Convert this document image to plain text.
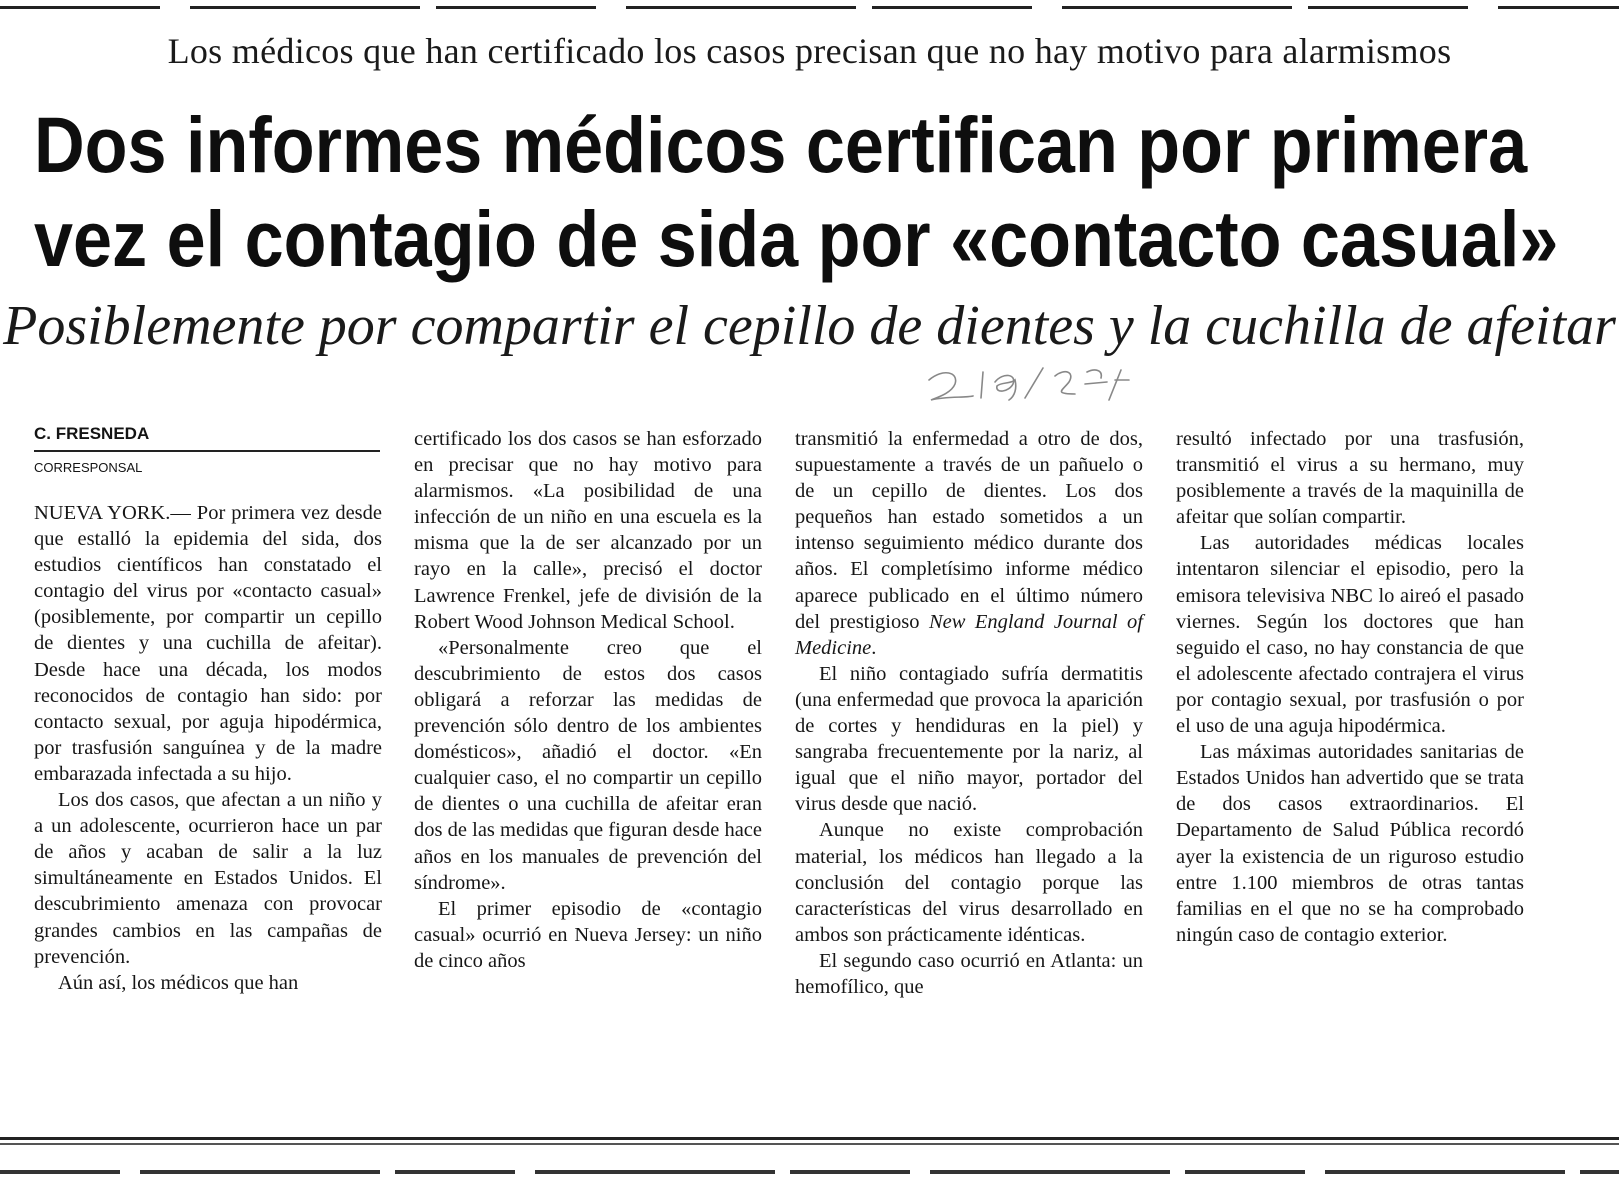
Los médicos que han certificado los casos precisan que no hay motivo para alarmismos
Dos informes médicos certifican por primera
vez el contagio de sida por «contacto casual»
Posiblemente por compartir el cepillo de dientes y la cuchilla de afeitar
C. FRESNEDA
CORRESPONSAL

NUEVA YORK.— Por primera vez desde que estalló la epidemia del sida, dos estudios científicos han constatado el contagio del virus por «contacto casual» (posiblemente, por compartir un cepillo de dientes y una cuchilla de afeitar). Desde hace una década, los modos reconocidos de contagio han sido: por contacto sexual, por aguja hipodérmica, por trasfusión sanguínea y de la madre embarazada infectada a su hijo.

Los dos casos, que afectan a un niño y a un adolescente, ocurrieron hace un par de años y acaban de salir a la luz simultáneamente en Estados Unidos. El descubrimiento amenaza con provocar grandes cambios en las campañas de prevención.

Aún así, los médicos que han

certificado los dos casos se han esforzado en precisar que no hay motivo para alarmismos. «La posibilidad de una infección de un niño en una escuela es la misma que la de ser alcanzado por un rayo en la calle», precisó el doctor Lawrence Frenkel, jefe de división de la Robert Wood Johnson Medical School.

«Personalmente creo que el descubrimiento de estos dos casos obligará a reforzar las medidas de prevención sólo dentro de los ambientes domésticos», añadió el doctor. «En cualquier caso, el no compartir un cepillo de dientes o una cuchilla de afeitar eran dos de las medidas que figuran desde hace años en los manuales de prevención del síndrome».

El primer episodio de «contagio casual» ocurrió en Nueva Jersey: un niño de cinco años

transmitió la enfermedad a otro de dos, supuestamente a través de un pañuelo o de un cepillo de dientes. Los dos pequeños han estado sometidos a un intenso seguimiento médico durante dos años. El completísimo informe médico aparece publicado en el último número del prestigioso New England Journal of Medicine.

El niño contagiado sufría dermatitis (una enfermedad que provoca la aparición de cortes y hendiduras en la piel) y sangraba frecuentemente por la nariz, al igual que el niño mayor, portador del virus desde que nació.

Aunque no existe comprobación material, los médicos han llegado a la conclusión del contagio porque las características del virus desarrollado en ambos son prácticamente idénticas.

El segundo caso ocurrió en Atlanta: un hemofílico, que

resultó infectado por una trasfusión, transmitió el virus a su hermano, muy posiblemente a través de la maquinilla de afeitar que solían compartir.

Las autoridades médicas locales intentaron silenciar el episodio, pero la emisora televisiva NBC lo aireó el pasado viernes. Según los doctores que han seguido el caso, no hay constancia de que el adolescente afectado contrajera el virus por contagio sexual, por trasfusión o por el uso de una aguja hipodérmica.

Las máximas autoridades sanitarias de Estados Unidos han advertido que se trata de dos casos extraordinarios. El Departamento de Salud Pública recordó ayer la existencia de un riguroso estudio entre 1.100 miembros de otras tantas familias en el que no se ha comprobado ningún caso de contagio exterior.
